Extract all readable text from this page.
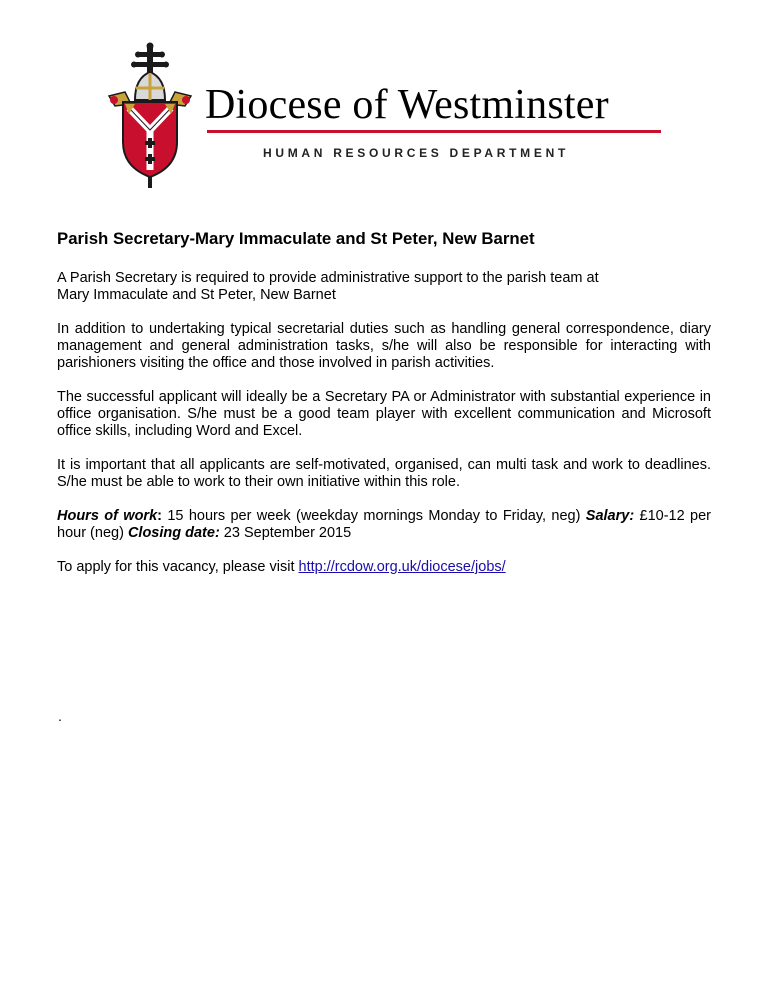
Diocese of Westminster
HUMAN RESOURCES DEPARTMENT
Parish Secretary-Mary Immaculate and St Peter, New Barnet

A Parish Secretary is required to provide administrative support to the parish team at
Mary Immaculate and St Peter, New Barnet

In addition to undertaking typical secretarial duties such as handling general correspondence, diary management and general administration tasks, s/he will also be responsible for interacting with parishioners visiting the office and those involved in parish activities.

The successful applicant will ideally be a Secretary PA or Administrator with substantial experience in office organisation. S/he must be a good team player with excellent communication and Microsoft office skills, including Word and Excel.

It is important that all applicants are self-motivated, organised, can multi task and work to deadlines. S/he must be able to work to their own initiative within this role.

Hours of work: 15 hours per week (weekday mornings Monday to Friday, neg) Salary: £10-12 per hour (neg) Closing date: 23 September 2015

To apply for this vacancy, please visit http://rcdow.org.uk/diocese/jobs/

.
